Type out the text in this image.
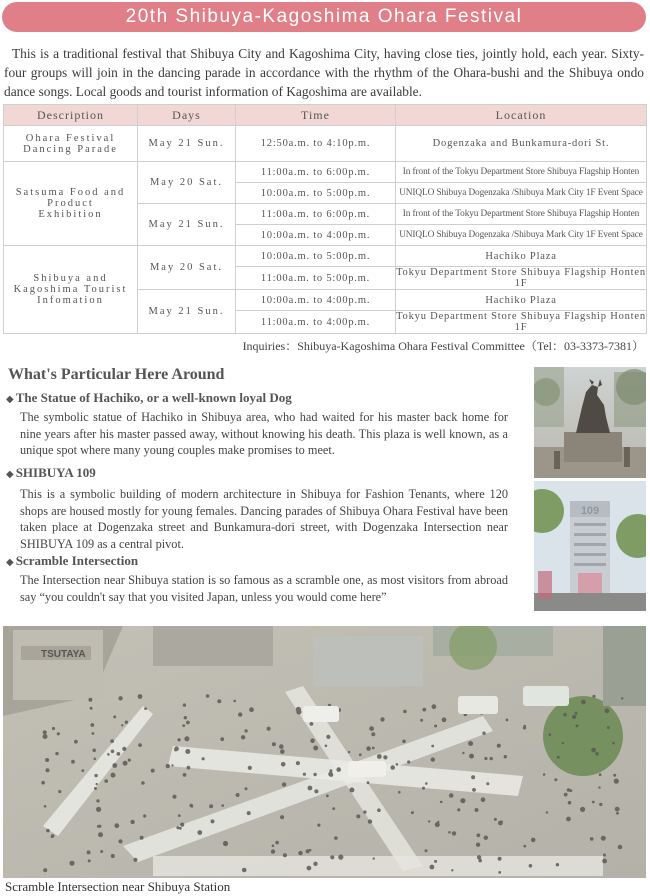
20th Shibuya-Kagoshima Ohara Festival
This is a traditional festival that Shibuya City and Kagoshima City, having close ties, jointly hold, each year. Sixty-four groups will join in the dancing parade in accordance with the rhythm of the Ohara-bushi and the Shibuya ondo dance songs. Local goods and tourist information of Kagoshima are available.
Description	Days	Time	Location
Ohara Festival Dancing Parade	May 21 Sun.	12:50a.m. to 4:10p.m.	Dogenzaka and Bunkamura-dori St.
Satsuma Food and Product Exhibition	May 20 Sat.	11:00a.m. to 6:00p.m.	In front of the Tokyu Department Store Shibuya Flagship Honten
		10:00a.m. to 5:00p.m.	UNIQLO Shibuya Dogenzaka /Shibuya Mark City 1F Event Space
	May 21 Sun.	11:00a.m. to 6:00p.m.	In front of the Tokyu Department Store Shibuya Flagship Honten
		10:00a.m. to 4:00p.m.	UNIQLO Shibuya Dogenzaka /Shibuya Mark City 1F Event Space
Shibuya and Kagoshima Tourist Infomation	May 20 Sat.	10:00a.m. to 5:00p.m.	Hachiko Plaza
		11:00a.m. to 5:00p.m.	Tokyu Department Store Shibuya Flagship Honten 1F
	May 21 Sun.	10:00a.m. to 4:00p.m.	Hachiko Plaza
		11:00a.m. to 4:00p.m.	Tokyu Department Store Shibuya Flagship Honten 1F
Inquiries：Shibuya-Kagoshima Ohara Festival Committee（Tel：03-3373-7381）
What's Particular Here Around
◆ The Statue of Hachiko, or a well-known loyal Dog
The symbolic statue of Hachiko in Shibuya area, who had waited for his master back home for nine years after his master passed away, without knowing his death. This plaza is well known, as a unique spot where many young couples make promises to meet.
◆ SHIBUYA 109
This is a symbolic building of modern architecture in Shibuya for Fashion Tenants, where 120 shops are housed mostly for young females. Dancing parades of Shibuya Ohara Festival have been taken place at Dogenzaka street and Bunkamura-dori street, with Dogenzaka Intersection near SHIBUYA 109 as a central pivot.
◆ Scramble Intersection
The Intersection near Shibuya station is so famous as a scramble one, as most visitors from abroad say “you couldn't say that you visited Japan, unless you would come here”
109
TSUTAYA
Scramble Intersection near Shibuya Station
